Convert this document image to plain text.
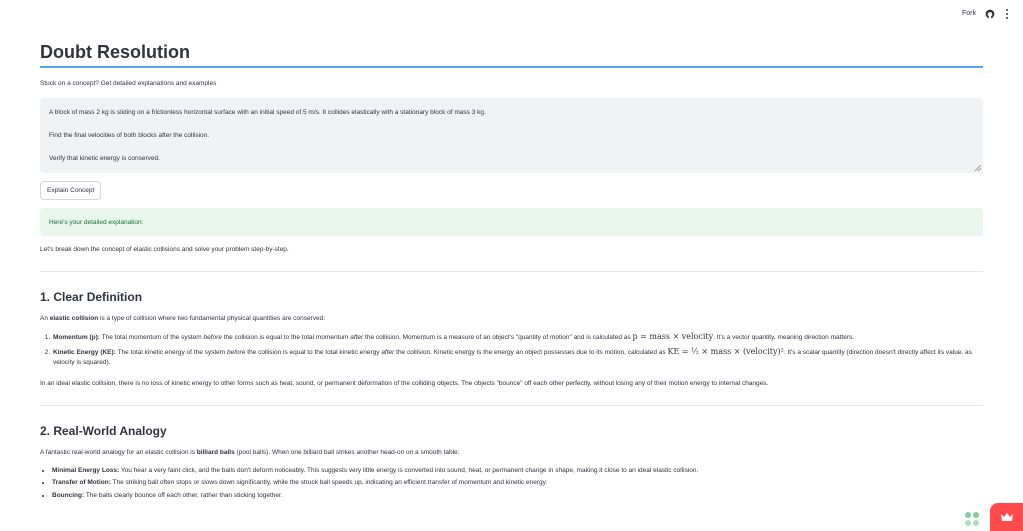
Fork
Doubt Resolution
Stuck on a concept? Get detailed explanations and examples

A block of mass 2 kg is sliding on a frictionless horizontal surface with an initial speed of 5 m/s. It collides elastically with a stationary block of mass 3 kg.

Find the final velocities of both blocks after the collision.

Verify that kinetic energy is conserved.

Explain Concept
Here's your detailed explanation:
Let's break down the concept of elastic collisions and solve your problem step-by-step.
1. Clear Definition
An elastic collision is a type of collision where two fundamental physical quantities are conserved:
1. Momentum (p): The total momentum of the system before the collision is equal to the total momentum after the collision. Momentum is a measure of an object's "quantity of motion" and is calculated as p = mass × velocity. It's a vector quantity, meaning direction matters.
2. Kinetic Energy (KE): The total kinetic energy of the system before the collision is equal to the total kinetic energy after the collision. Kinetic energy is the energy an object possesses due to its motion, calculated as KE = ½ × mass × (velocity)². It's a scalar quantity (direction doesn't directly affect its value, as velocity is squared).
In an ideal elastic collision, there is no loss of kinetic energy to other forms such as heat, sound, or permanent deformation of the colliding objects. The objects "bounce" off each other perfectly, without losing any of their motion energy to internal changes.
2. Real-World Analogy
A fantastic real-world analogy for an elastic collision is billiard balls (pool balls). When one billiard ball strikes another head-on on a smooth table:
• Minimal Energy Loss: You hear a very faint click, and the balls don't deform noticeably. This suggests very little energy is converted into sound, heat, or permanent change in shape, making it close to an ideal elastic collision.
• Transfer of Motion: The striking ball often stops or slows down significantly, while the struck ball speeds up, indicating an efficient transfer of momentum and kinetic energy.
• Bouncing: The balls clearly bounce off each other, rather than sticking together.
